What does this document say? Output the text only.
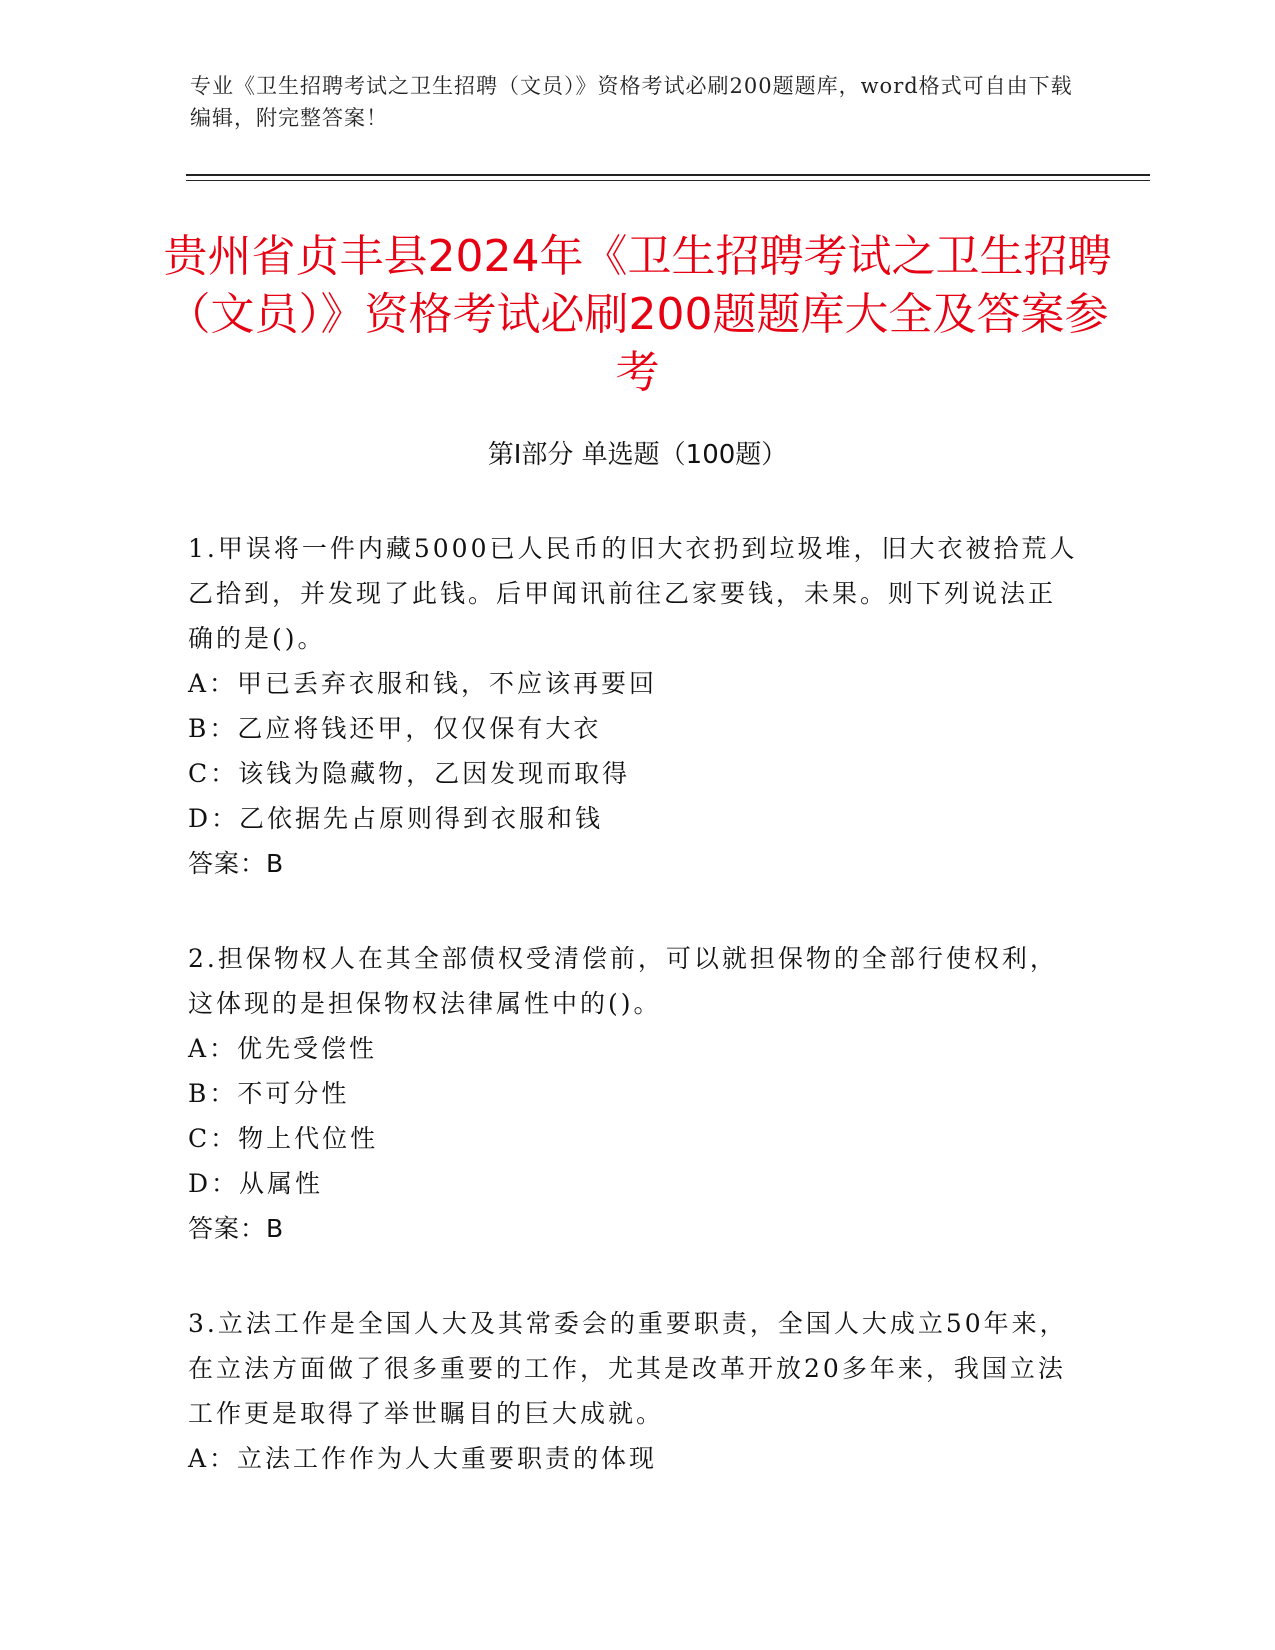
专业《卫生招聘考试之卫生招聘（文员）》资格考试必刷200题题库，word格式可自由下载编辑，附完整答案！
贵州省贞丰县2024年《卫生招聘考试之卫生招聘（文员）》资格考试必刷200题题库大全及答案参考
第Ⅰ部分 单选题（100题）

1.甲误将一件内藏5000已人民币的旧大衣扔到垃圾堆，旧大衣被拾荒人乙拾到，并发现了此钱。后甲闻讯前往乙家要钱，未果。则下列说法正确的是()。

A：甲已丢弃衣服和钱，不应该再要回

B：乙应将钱还甲，仅仅保有大衣

C：该钱为隐藏物，乙因发现而取得

D：乙依据先占原则得到衣服和钱

答案：B

2.担保物权人在其全部债权受清偿前，可以就担保物的全部行使权利，这体现的是担保物权法律属性中的()。

A：优先受偿性

B：不可分性

C：物上代位性

D：从属性

答案：B

3.立法工作是全国人大及其常委会的重要职责，全国人大成立50年来，在立法方面做了很多重要的工作，尤其是改革开放20多年来，我国立法工作更是取得了举世瞩目的巨大成就。

A：立法工作作为人大重要职责的体现
